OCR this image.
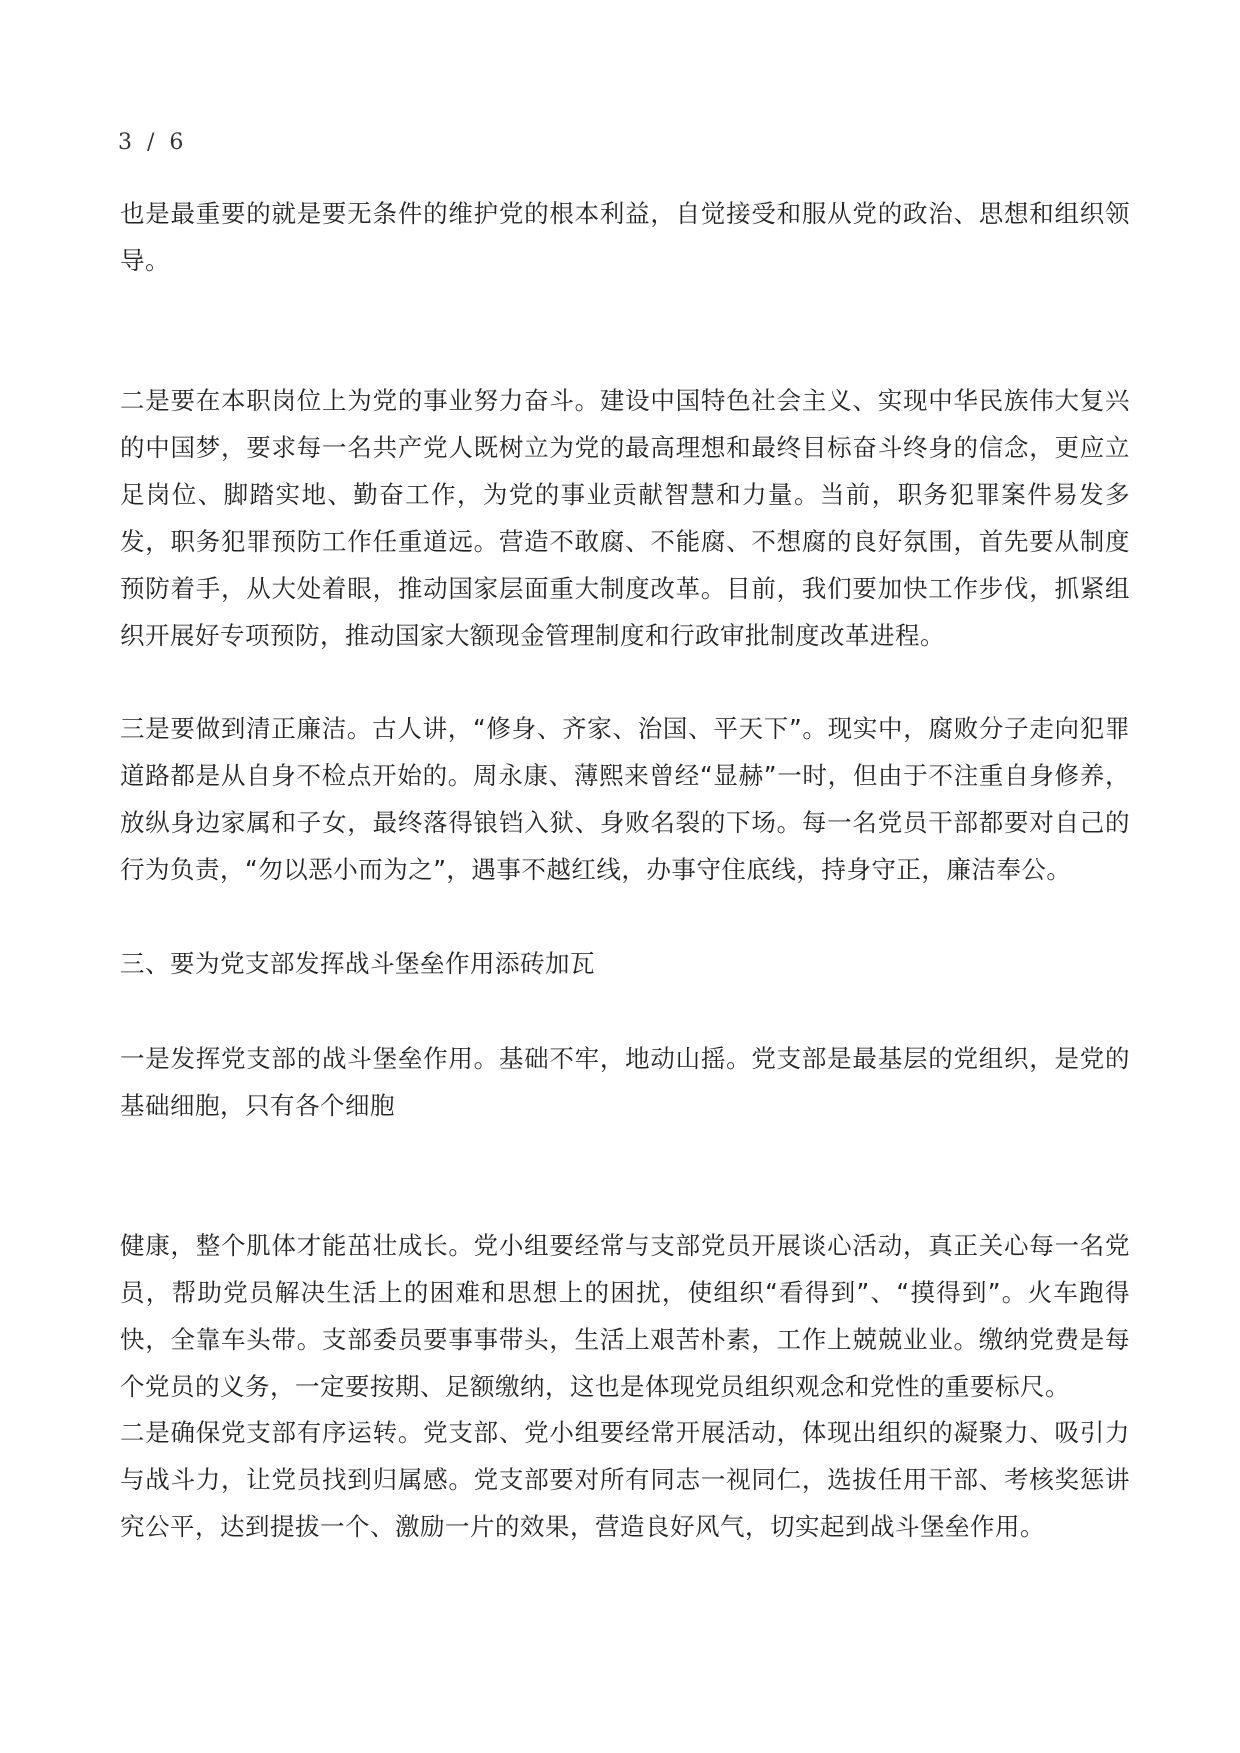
3 / 6

也是最重要的就是要无条件的维护党的根本利益，自觉接受和服从党的政治、思想和组织领导。

二是要在本职岗位上为党的事业努力奋斗。建设中国特色社会主义、实现中华民族伟大复兴的中国梦，要求每一名共产党人既树立为党的最高理想和最终目标奋斗终身的信念，更应立足岗位、脚踏实地、勤奋工作，为党的事业贡献智慧和力量。当前，职务犯罪案件易发多发，职务犯罪预防工作任重道远。营造不敢腐、不能腐、不想腐的良好氛围，首先要从制度预防着手，从大处着眼，推动国家层面重大制度改革。目前，我们要加快工作步伐，抓紧组织开展好专项预防，推动国家大额现金管理制度和行政审批制度改革进程。

三是要做到清正廉洁。古人讲，“修身、齐家、治国、平天下”。现实中，腐败分子走向犯罪道路都是从自身不检点开始的。周永康、薄熙来曾经“显赫”一时，但由于不注重自身修养，放纵身边家属和子女，最终落得锒铛入狱、身败名裂的下场。每一名党员干部都要对自己的行为负责，“勿以恶小而为之”，遇事不越红线，办事守住底线，持身守正，廉洁奉公。

三、要为党支部发挥战斗堡垒作用添砖加瓦

一是发挥党支部的战斗堡垒作用。基础不牢，地动山摇。党支部是最基层的党组织，是党的基础细胞，只有各个细胞

健康，整个肌体才能茁壮成长。党小组要经常与支部党员开展谈心活动，真正关心每一名党员，帮助党员解决生活上的困难和思想上的困扰，使组织“看得到”、“摸得到”。火车跑得快，全靠车头带。支部委员要事事带头，生活上艰苦朴素，工作上兢兢业业。缴纳党费是每个党员的义务，一定要按期、足额缴纳，这也是体现党员组织观念和党性的重要标尺。

二是确保党支部有序运转。党支部、党小组要经常开展活动，体现出组织的凝聚力、吸引力与战斗力，让党员找到归属感。党支部要对所有同志一视同仁，选拔任用干部、考核奖惩讲究公平，达到提拔一个、激励一片的效果，营造良好风气，切实起到战斗堡垒作用。
